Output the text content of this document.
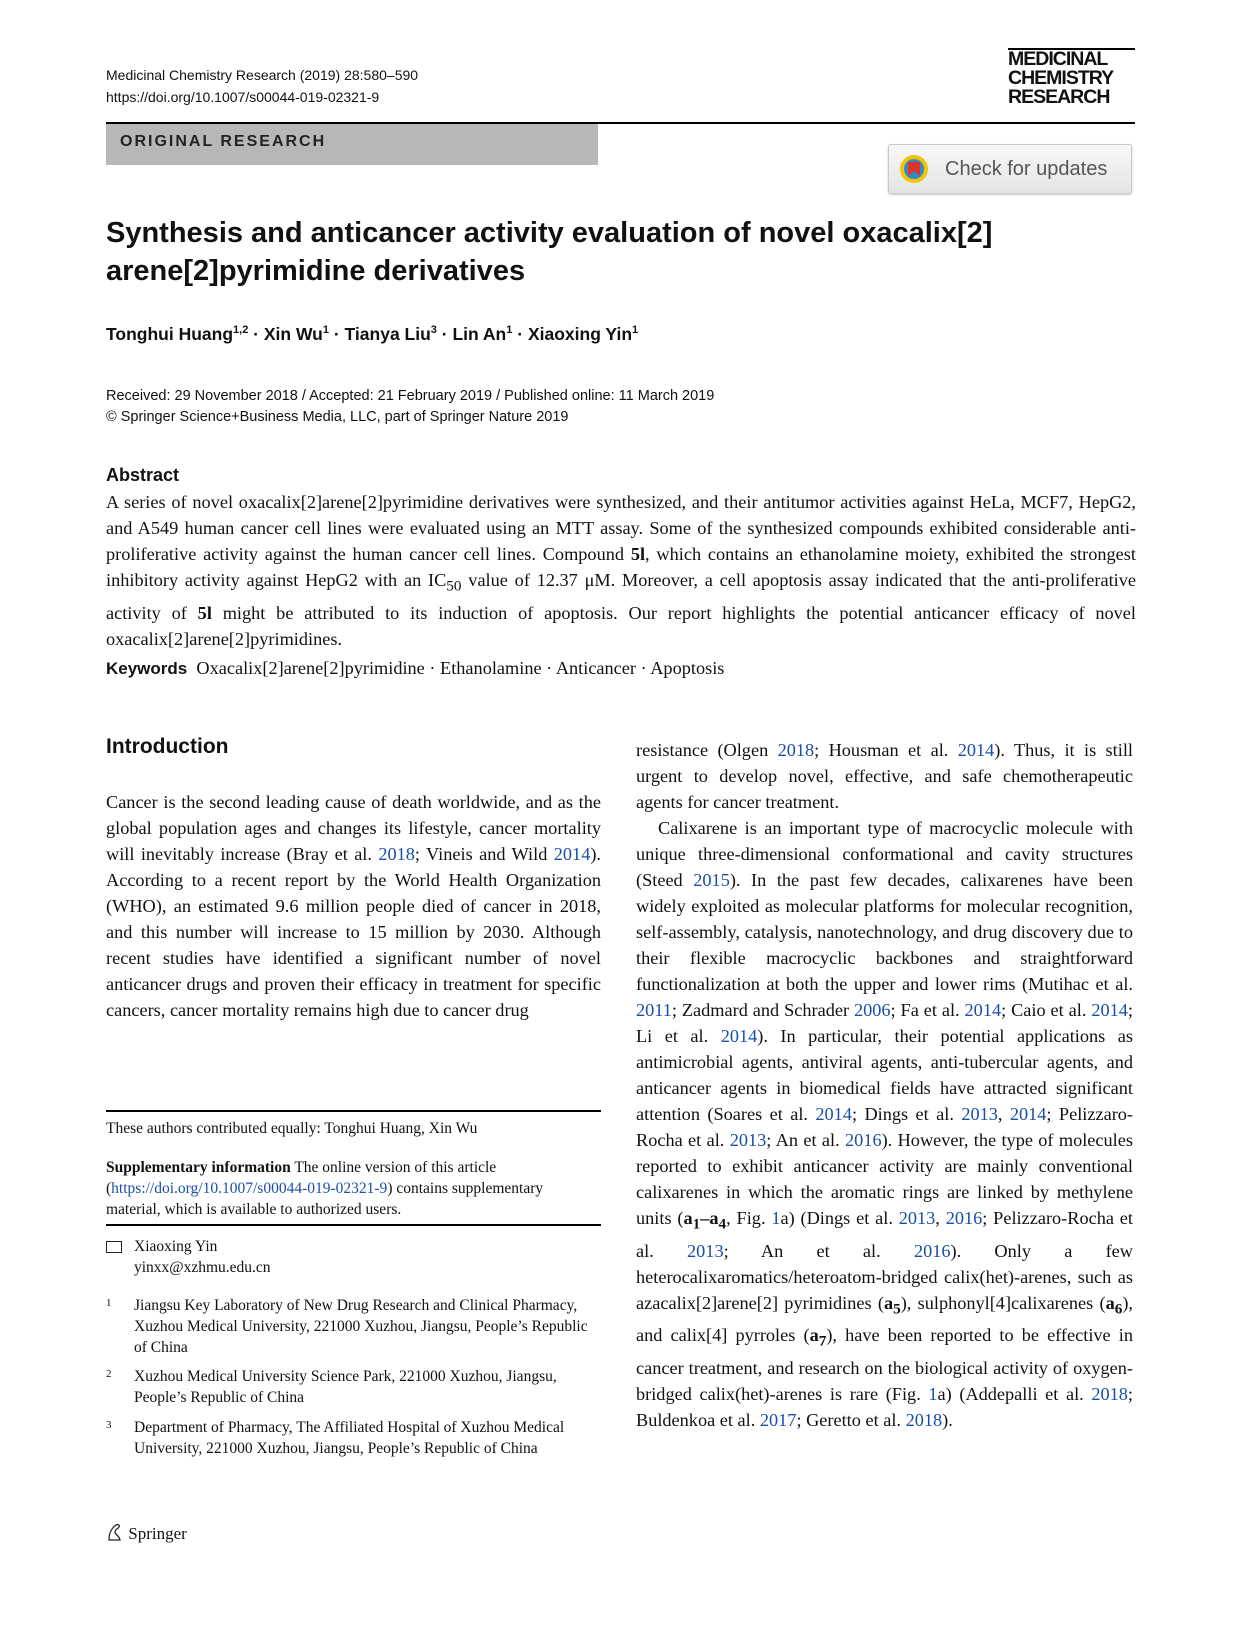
Medicinal Chemistry Research (2019) 28:580–590
https://doi.org/10.1007/s00044-019-02321-9
MEDICINAL
CHEMISTRY
RESEARCH
ORIGINAL RESEARCH
Check for updates
Synthesis and anticancer activity evaluation of novel oxacalix[2]
arene[2]pyrimidine derivatives
Tonghui Huang$^{1,2}$ · Xin $Wu^1$ · Tianya Liu$^3$ · Lin $An^1$ · Xiaoxing Yin$^1$
Received: 29 November 2018 / Accepted: 21 February 2019 / Published online: 11 March 2019
© Springer Science+Business Media, LLC, part of Springer Nature 2019
Abstract
A series of novel oxacalix[2]arene[2]pyrimidine derivatives were synthesized, and their antitumor activities against HeLa, MCF7, HepG2, and A549 human cancer cell lines were evaluated using an MTT assay. Some of the synthesized compounds exhibited considerable anti-proliferative activity against the human cancer cell lines. Compound 5l, which contains an ethanolamine moiety, exhibited the strongest inhibitory activity against HepG2 with an $IC_{50}$ value of 12.37 μM. Moreover, a cell apoptosis assay indicated that the anti-proliferative activity of 5l might be attributed to its induction of apoptosis. Our report highlights the potential anticancer efficacy of novel oxacalix[2]arene[2]pyrimidines.
Keywords Oxacalix[2]arene[2]pyrimidine · Ethanolamine · Anticancer · Apoptosis
Introduction
Cancer is the second leading cause of death worldwide, and as the global population ages and changes its lifestyle, cancer mortality will inevitably increase (Bray et al. 2018; Vineis and Wild 2014). According to a recent report by the World Health Organization (WHO), an estimated 9.6 million people died of cancer in 2018, and this number will increase to 15 million by 2030. Although recent studies have identified a significant number of novel anticancer drugs and proven their efficacy in treatment for specific cancers, cancer mortality remains high due to cancer drug

resistance (Olgen 2018; Housman et al. 2014). Thus, it is still urgent to develop novel, effective, and safe chemotherapeutic agents for cancer treatment.

Calixarene is an important type of macrocyclic molecule with unique three-dimensional conformational and cavity structures (Steed 2015). In the past few decades, calixarenes have been widely exploited as molecular platforms for molecular recognition, self-assembly, catalysis, nanotechnology, and drug discovery due to their flexible macrocyclic backbones and straightforward functionalization at both the upper and lower rims (Mutihac et al. 2011; Zadmard and Schrader 2006; Fa et al. 2014; Caio et al. 2014; Li et al. 2014). In particular, their potential applications as antimicrobial agents, antiviral agents, anti-tubercular agents, and anticancer agents in biomedical fields have attracted significant attention (Soares et al. 2014; Dings et al. 2013, 2014; Pelizzaro-Rocha et al. 2013; An et al. 2016). However, the type of molecules reported to exhibit anticancer activity are mainly conventional calixarenes in which the aromatic rings are linked by methylene units ($a_1-a_4$, Fig. 1a) (Dings et al. 2013, 2016; Pelizzaro-Rocha et al. 2013; An et al. 2016). Only a few heterocalixaromatics/heteroatom-bridged calix(het)-arenes, such as azacalix[2]arene[2] pyrimidines $(a_5)$, sulphonyl[4]calixarenes $(a_6)$, and calix[4] pyrroles $(a_7)$, have been reported to be effective in cancer treatment, and research on the biological activity of oxygen-bridged calix(het)-arenes is rare (Fig. 1a) (Addepalli et al. 2018; Buldenkoa et al. 2017; Geretto et al. 2018).

These authors contributed equally: Tonghui Huang, Xin Wu
Supplementary information The online version of this article (https://doi.org/10.1007/s00044-019-02321-9) contains supplementary material, which is available to authorized users.
Xiaoxing Yin
yinxx@xzhmu.edu.cn
1 Jiangsu Key Laboratory of New Drug Research and Clinical Pharmacy, Xuzhou Medical University, 221000 Xuzhou, Jiangsu, People’s Republic of China
2 Xuzhou Medical University Science Park, 221000 Xuzhou, Jiangsu, People’s Republic of China
3 Department of Pharmacy, The Affiliated Hospital of Xuzhou Medical University, 221000 Xuzhou, Jiangsu, People’s Republic of China
Springer
